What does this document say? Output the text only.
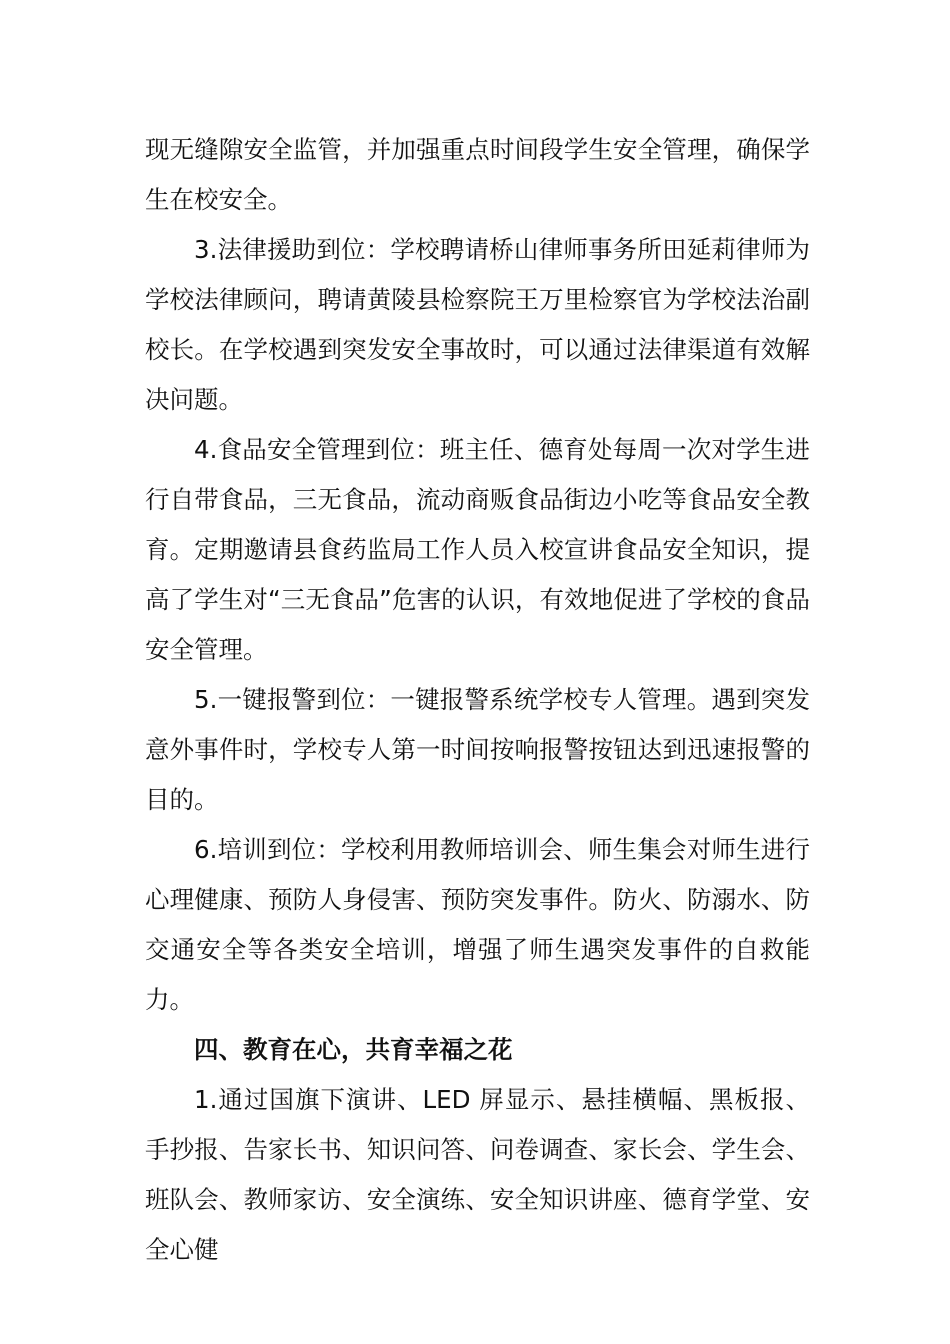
现无缝隙安全监管，并加强重点时间段学生安全管理，确保学生在校安全。

3.法律援助到位：学校聘请桥山律师事务所田延莉律师为学校法律顾问，聘请黄陵县检察院王万里检察官为学校法治副校长。在学校遇到突发安全事故时，可以通过法律渠道有效解决问题。

4.食品安全管理到位：班主任、德育处每周一次对学生进行自带食品，三无食品，流动商贩食品街边小吃等食品安全教育。定期邀请县食药监局工作人员入校宣讲食品安全知识，提高了学生对“三无食品”危害的认识，有效地促进了学校的食品安全管理。

5.一键报警到位：一键报警系统学校专人管理。遇到突发意外事件时，学校专人第一时间按响报警按钮达到迅速报警的目的。

6.培训到位：学校利用教师培训会、师生集会对师生进行心理健康、预防人身侵害、预防突发事件。防火、防溺水、防交通安全等各类安全培训，增强了师生遇突发事件的自救能力。

四、教育在心，共育幸福之花

1.通过国旗下演讲、LED 屏显示、悬挂横幅、黑板报、手抄报、告家长书、知识问答、问卷调查、家长会、学生会、班队会、教师家访、安全演练、安全知识讲座、德育学堂、安全心健
